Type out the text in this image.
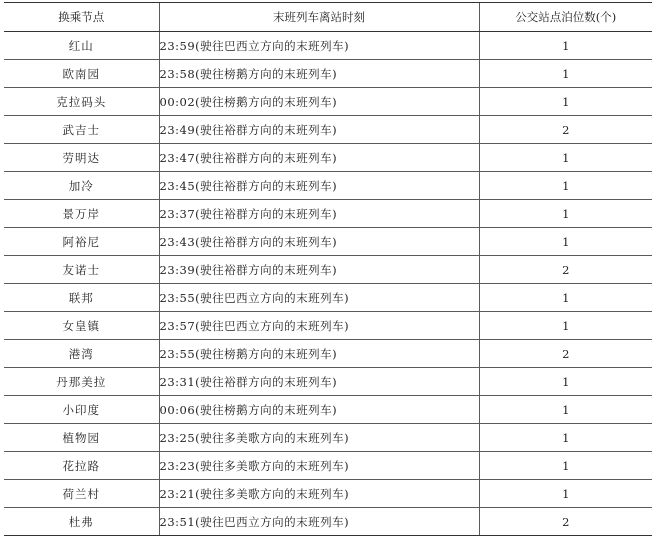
换乘节点	末班列车离站时刻	公交站点泊位数(个)
红山	23:59(驶往巴西立方向的末班列车)	1
欧南园	23:58(驶往榜鹅方向的末班列车)	1
克拉码头	00:02(驶往榜鹅方向的末班列车)	1
武吉士	23:49(驶往裕群方向的末班列车)	2
劳明达	23:47(驶往裕群方向的末班列车)	1
加冷	23:45(驶往裕群方向的末班列车)	1
景万岸	23:37(驶往裕群方向的末班列车)	1
阿裕尼	23:43(驶往裕群方向的末班列车)	1
友诺士	23:39(驶往裕群方向的末班列车)	2
联邦	23:55(驶往巴西立方向的末班列车)	1
女皇镇	23:57(驶往巴西立方向的末班列车)	1
港湾	23:55(驶往榜鹅方向的末班列车)	2
丹那美拉	23:31(驶往裕群方向的末班列车)	1
小印度	00:06(驶往榜鹅方向的末班列车)	1
植物园	23:25(驶往多美歌方向的末班列车)	1
花拉路	23:23(驶往多美歌方向的末班列车)	1
荷兰村	23:21(驶往多美歌方向的末班列车)	1
杜弗	23:51(驶往巴西立方向的末班列车)	2
